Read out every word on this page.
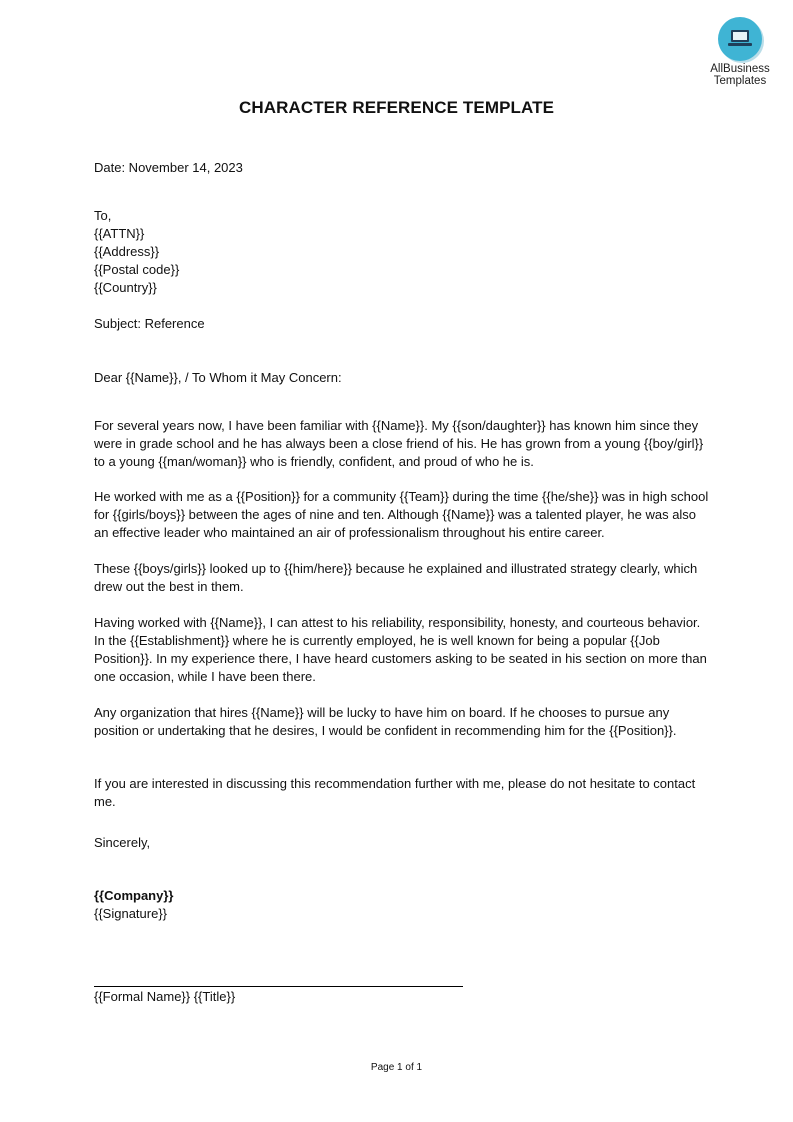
AllBusiness
Templates
CHARACTER REFERENCE TEMPLATE
Date: November 14, 2023
To,
{{ATTN}}
{{Address}}
{{Postal code}}
{{Country}}
Subject: Reference
Dear {{Name}}, / To Whom it May Concern:

For several years now, I have been familiar with {{Name}}. My {{son/daughter}} has known him since they were in grade school and he has always been a close friend of his. He has grown from a young {{boy/girl}} to a young {{man/woman}} who is friendly, confident, and proud of who he is.

He worked with me as a {{Position}} for a community {{Team}} during the time {{he/she}} was in high school for {{girls/boys}} between the ages of nine and ten. Although {{Name}} was a talented player, he was also an effective leader who maintained an air of professionalism throughout his entire career.

These {{boys/girls}} looked up to {{him/here}} because he explained and illustrated strategy clearly, which drew out the best in them.

Having worked with {{Name}}, I can attest to his reliability, responsibility, honesty, and courteous behavior. In the {{Establishment}} where he is currently employed, he is well known for being a popular {{Job Position}}. In my experience there, I have heard customers asking to be seated in his section on more than one occasion, while I have been there.

Any organization that hires {{Name}} will be lucky to have him on board. If he chooses to pursue any position or undertaking that he desires, I would be confident in recommending him for the {{Position}}.

If you are interested in discussing this recommendation further with me, please do not hesitate to contact me.

Sincerely,
{{Company}}
{{Signature}}
{{Formal Name}} {{Title}}
Page 1 of 1
